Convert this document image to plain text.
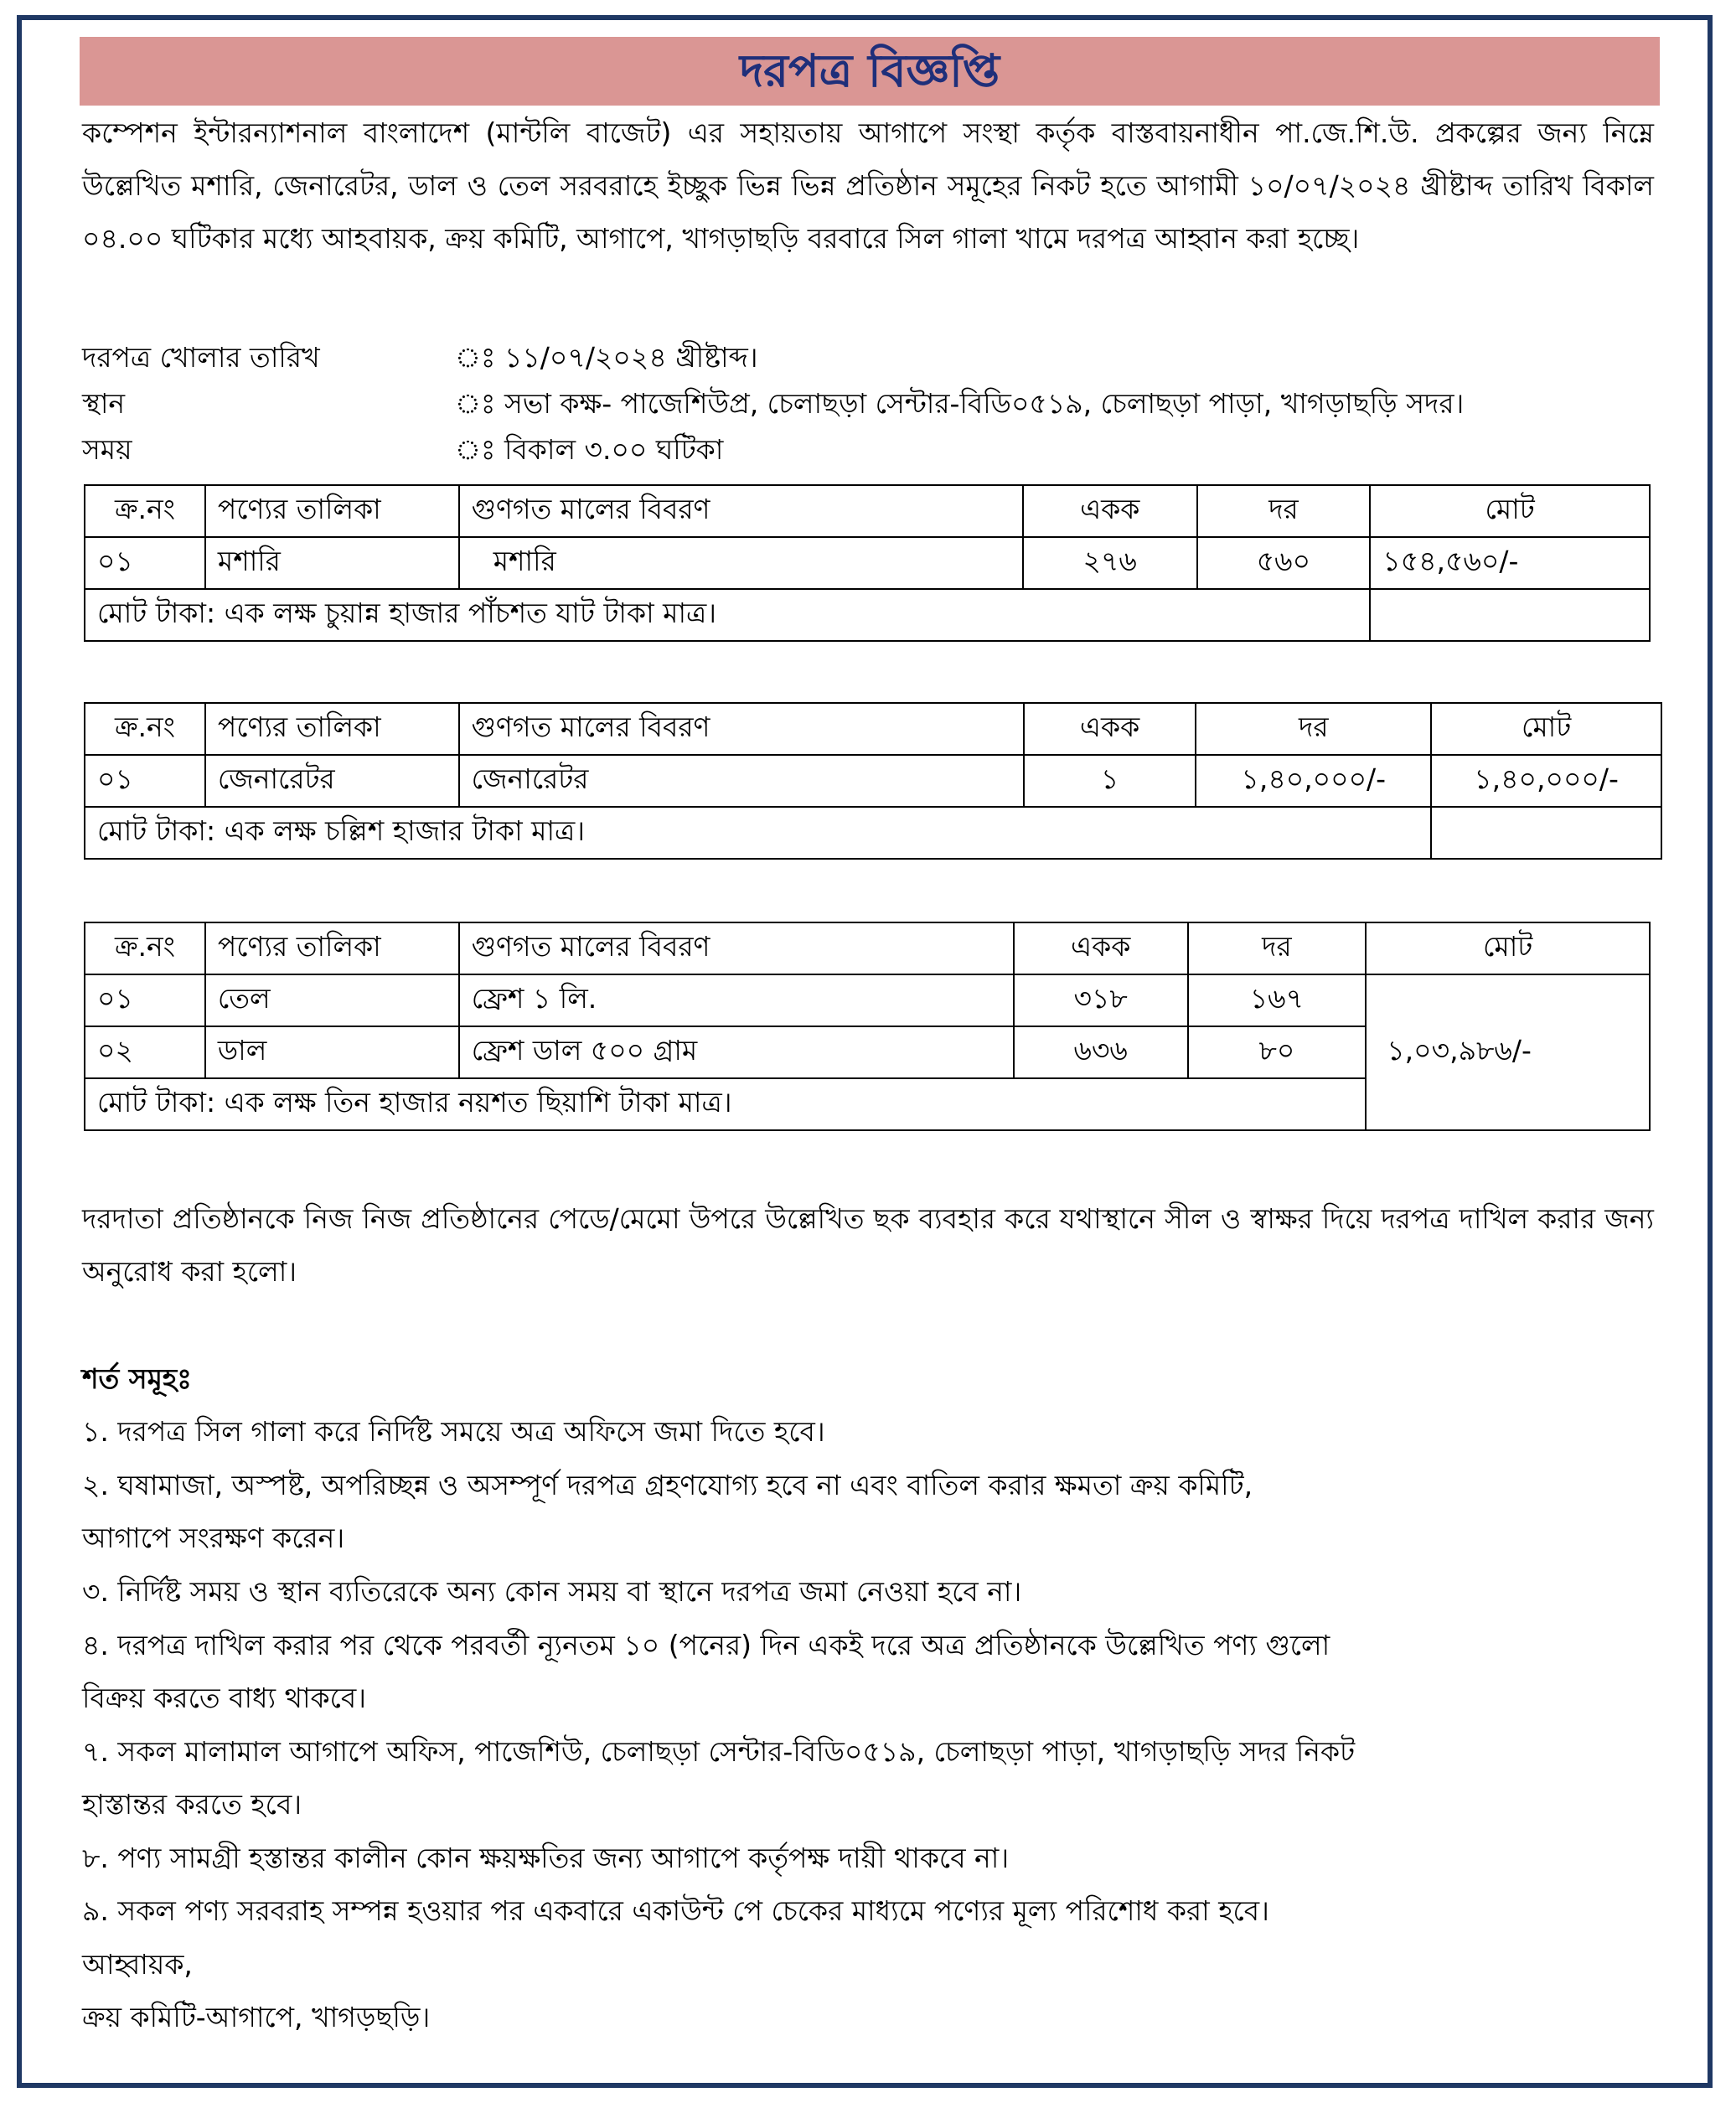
দরপত্র বিজ্ঞপ্তি
কম্পেশন ইন্টারন্যাশনাল বাংলাদেশ (মান্টলি বাজেট) এর সহায়তায় আগাপে সংস্থা কর্তৃক বাস্তবায়নাধীন পা.জে.শি.উ. প্রকল্পের জন্য নিম্নে উল্লেখিত মশারি, জেনারেটর, ডাল ও তেল সরবরাহে ইচ্ছুক ভিন্ন ভিন্ন প্রতিষ্ঠান সমূহের নিকট হতে আগামী ১০/০৭/২০২৪ খ্রীষ্টাব্দ তারিখ বিকাল ০৪.০০ ঘটিকার মধ্যে আহবায়ক, ক্রয় কমিটি, আগাপে, খাগড়াছড়ি বরবারে সিল গালা খামে দরপত্র আহ্বান করা হচ্ছে।
দরপত্র খোলার তারিখ	ঃ ১১/০৭/২০২৪ খ্রীষ্টাব্দ।
স্থান	ঃ সভা কক্ষ- পাজেশিউপ্র, চেলাছড়া সেন্টার-বিডি০৫১৯, চেলাছড়া পাড়া, খাগড়াছড়ি সদর।
সময়	ঃ বিকাল ৩.০০ ঘটিকা
ক্র.নং	পণ্যের তালিকা	গুণগত মালের বিবরণ	একক	দর	মোট
০১	মশারি	মশারি	২৭৬	৫৬০	১৫৪,৫৬০/-
মোট টাকা: এক লক্ষ চুয়ান্ন হাজার পাঁচশত যাট টাকা মাত্র।					
ক্র.নং	পণ্যের তালিকা	গুণগত মালের বিবরণ	একক	দর	মোট
০১	জেনারেটর	জেনারেটর	১	১,৪০,০০০/-	১,৪০,০০০/-
মোট টাকা: এক লক্ষ চল্লিশ হাজার টাকা মাত্র।					
ক্র.নং	পণ্যের তালিকা	গুণগত মালের বিবরণ	একক	দর	মোট
০১	তেল	ফ্রেশ ১ লি.	৩১৮	১৬৭	১,০৩,৯৮৬/-
০২	ডাল	ফ্রেশ ডাল ৫০০ গ্রাম	৬৩৬	৮০	
মোট টাকা: এক লক্ষ তিন হাজার নয়শত ছিয়াশি টাকা মাত্র।					
দরদাতা প্রতিষ্ঠানকে নিজ নিজ প্রতিষ্ঠানের পেডে/মেমো উপরে উল্লেখিত ছক ব্যবহার করে যথাস্থানে সীল ও স্বাক্ষর দিয়ে দরপত্র দাখিল করার জন্য অনুরোধ করা হলো।
শর্ত সমূহঃ
১. দরপত্র সিল গালা করে নির্দিষ্ট সময়ে অত্র অফিসে জমা দিতে হবে।
২. ঘষামাজা, অস্পষ্ট, অপরিচ্ছন্ন ও অসম্পূর্ণ দরপত্র গ্রহণযোগ্য হবে না এবং বাতিল করার ক্ষমতা ক্রয় কমিটি,
আগাপে সংরক্ষণ করেন।
৩. নির্দিষ্ট সময় ও স্থান ব্যতিরেকে অন্য কোন সময় বা স্থানে দরপত্র জমা নেওয়া হবে না।
৪. দরপত্র দাখিল করার পর থেকে পরবর্তী ন্যূনতম ১০ (পনের) দিন একই দরে অত্র প্রতিষ্ঠানকে উল্লেখিত পণ্য গুলো
বিক্রয় করতে বাধ্য থাকবে।
৭. সকল মালামাল আগাপে অফিস, পাজেশিউ, চেলাছড়া সেন্টার-বিডি০৫১৯, চেলাছড়া পাড়া, খাগড়াছড়ি সদর নিকট
হাস্তান্তর করতে হবে।
৮. পণ্য সামগ্রী হস্তান্তর কালীন কোন ক্ষয়ক্ষতির জন্য আগাপে কর্তৃপক্ষ দায়ী থাকবে না।
৯. সকল পণ্য সরবরাহ সম্পন্ন হওয়ার পর একবারে একাউন্ট পে চেকের মাধ্যমে পণ্যের মূল্য পরিশোধ করা হবে।
আহ্বায়ক,
ক্রয় কমিটি-আগাপে, খাগড়ছড়ি।
